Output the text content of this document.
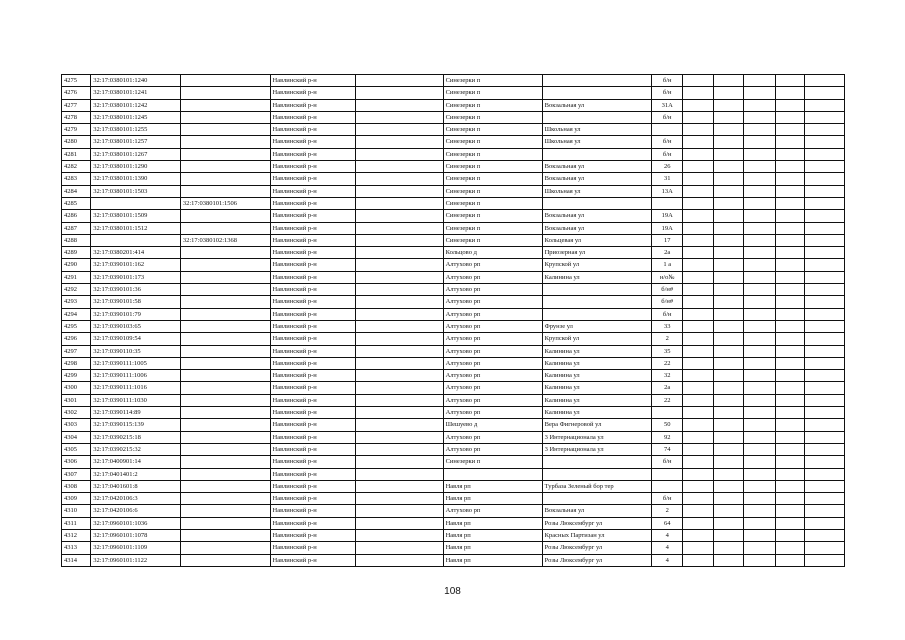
4275	32:17:0380101:1240		Навлинский р-н		Синезерки п		б/н					
4276	32:17:0380101:1241		Навлинский р-н		Синезерки п		б/н					
4277	32:17:0380101:1242		Навлинский р-н		Синезерки п	Вокзальная ул	31А					
4278	32:17:0380101:1245		Навлинский р-н		Синезерки п		б/н					
4279	32:17:0380101:1255		Навлинский р-н		Синезерки п	Школьная ул						
4280	32:17:0380101:1257		Навлинский р-н		Синезерки п	Школьная ул	б/н					
4281	32:17:0380101:1267		Навлинский р-н		Синезерки п		б/н					
4282	32:17:0380101:1290		Навлинский р-н		Синезерки п	Вокзальная ул	26					
4283	32:17:0380101:1390		Навлинский р-н		Синезерки п	Вокзальная ул	31					
4284	32:17:0380101:1503		Навлинский р-н		Синезерки п	Школьная ул	13А					
4285		32:17:0380101:1506	Навлинский р-н		Синезерки п							
4286	32:17:0380101:1509		Навлинский р-н		Синезерки п	Вокзальная ул	19А					
4287	32:17:0380101:1512		Навлинский р-н		Синезерки п	Вокзальная ул	19А					
4288		32:17:0380102:1368	Навлинский р-н		Синезерки п	Кольцевая ул	17					
4289	32:17:0380201:414		Навлинский р-н		Кольцово д	Приозерная ул	2а					
4290	32:17:0390101:162		Навлинский р-н		Алтухово рп	Крупской ул	1 а					
4291	32:17:0390101:173		Навлинский р-н		Алтухово рп	Калинина ул	н/о№					
4292	32:17:0390101:36		Навлинский р-н		Алтухово рп		б/н#					
4293	32:17:0390101:58		Навлинский р-н		Алтухово рп		б/н#					
4294	32:17:0390101:79		Навлинский р-н		Алтухово рп		б/н					
4295	32:17:0390103:65		Навлинский р-н		Алтухово рп	Фрунзе ул	33					
4296	32:17:0390109:54		Навлинский р-н		Алтухово рп	Крупской ул	2					
4297	32:17:0390110:35		Навлинский р-н		Алтухово рп	Калинина ул	35					
4298	32:17:0390111:1005		Навлинский р-н		Алтухово рп	Калинина ул	22					
4299	32:17:0390111:1006		Навлинский р-н		Алтухово рп	Калинина ул	32					
4300	32:17:0390111:1016		Навлинский р-н		Алтухово рп	Калинина ул	2а					
4301	32:17:0390111:1030		Навлинский р-н		Алтухово рп	Калинина ул	22					
4302	32:17:0390114:89		Навлинский р-н		Алтухово рп	Калинина ул						
4303	32:17:0390115:139		Навлинский р-н		Шешуево д	Вера Фигнеровой ул	50					
4304	32:17:0390215:18		Навлинский р-н		Алтухово рп	3 Интернационала ул	92					
4305	32:17:0390215:32		Навлинский р-н		Алтухово рп	3 Интернационала ул	74					
4306	32:17:0400901:14		Навлинский р-н		Синезерки п		б/н					
4307	32:17:0401401:2		Навлинский р-н									
4308	32:17:0401601:8		Навлинский р-н		Навля рп	Турбаза Зеленый бор тер						
4309	32:17:0420106:3		Навлинский р-н		Навля рп		б/н					
4310	32:17:0420106:6		Навлинский р-н		Алтухово рп	Вокзальная ул	2					
4311	32:17:0960101:1036		Навлинский р-н		Навля рп	Розы Люксембург ул	64					
4312	32:17:0960101:1078		Навлинский р-н		Навля рп	Красных Партизан ул	4					
4313	32:17:0960101:1109		Навлинский р-н		Навля рп	Розы Люксембург ул	4					
4314	32:17:0960101:1122		Навлинский р-н		Навля рп	Розы Люксембург ул	4					
108
